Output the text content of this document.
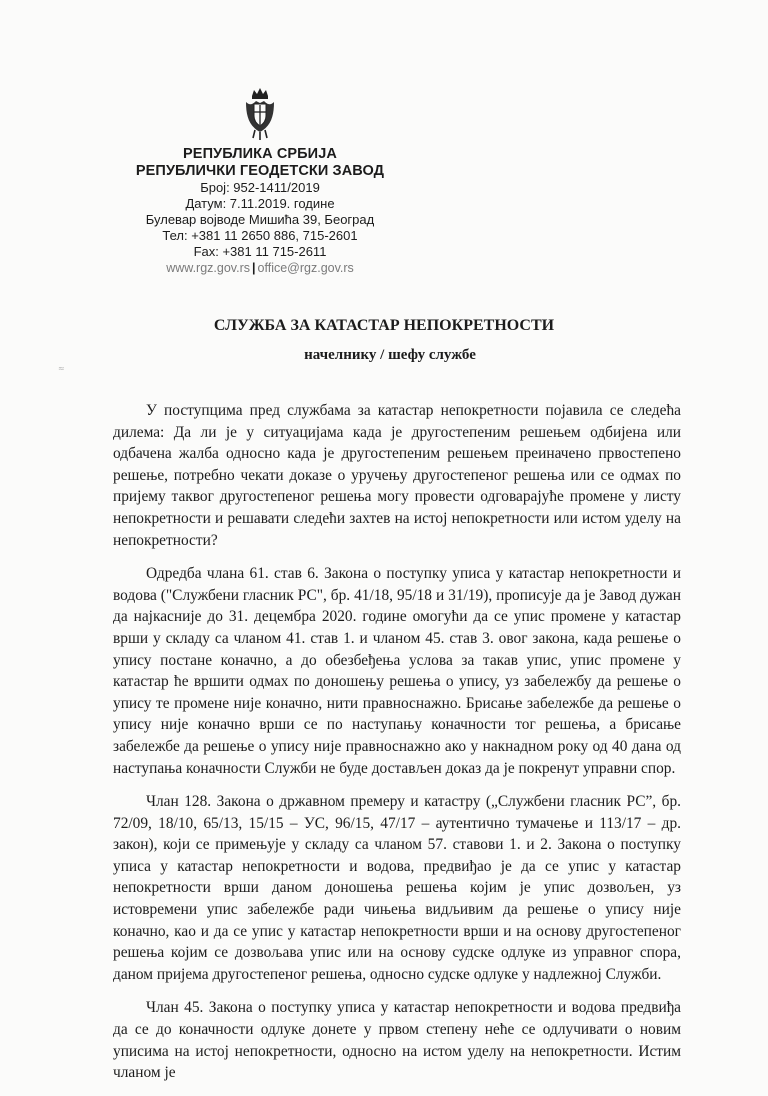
РЕПУБЛИКА СРБИЈА
РЕПУБЛИЧКИ ГЕОДЕТСКИ ЗАВОД
Број: 952-1411/2019
Датум: 7.11.2019. године
Булевар војводе Мишића 39, Београд
Тел: +381 11 2650 886, 715-2601
Fax: +381 11 715-2611
www.rgz.gov.rs | office@rgz.gov.rs
СЛУЖБА ЗА КАТАСТАР НЕПОКРЕТНОСТИ
начелнику / шефу службе
≈

У поступцима пред службама за катастар непокретности појавила се следећа дилема: Да ли је у ситуацијама када је другостепеним решењем одбијена или одбачена жалба односно када је другостепеним решењем преиначено првостепено решење, потребно чекати доказе о уручењу другостепеног решења или се одмах по пријему таквог другостепеног решења могу провести одговарајуће промене у листу непокретности и решавати следећи захтев на истој непокретности или истом уделу на непокретности?

Одредба члана 61. став 6. Закона о поступку уписа у катастар непокретности и водова ("Службени гласник РС", бр. 41/18, 95/18 и 31/19), прописује да је Завод дужан да најкасније до 31. децембра 2020. године омогући да се упис промене у катастар врши у складу са чланом 41. став 1. и чланом 45. став 3. овог закона, када решење о упису постане коначно, а до обезбеђења услова за такав упис, упис промене у катастар ће вршити одмах по доношењу решења о упису, уз забележбу да решење о упису те промене није коначно, нити правноснажно. Брисање забележбе да решење о упису није коначно врши се по наступању коначности тог решења, а брисање забележбе да решење о упису није правноснажно ако у накнадном року од 40 дана од наступања коначности Служби не буде достављен доказ да је покренут управни спор.

Члан 128. Закона о државном премеру и катастру („Службени гласник РС”, бр. 72/09, 18/10, 65/13, 15/15 – УС, 96/15, 47/17 – аутентично тумачење и 113/17 – др. закон), који се примењује у складу са чланом 57. ставови 1. и 2. Закона о поступку уписа у катастар непокретности и водова, предвиђао је да се упис у катастар непокретности врши даном доношења решења којим је упис дозвољен, уз истовремени упис забележбе ради чињења видљивим да решење о упису није коначно, као и да се упис у катастар непокретности врши и на основу другостепеног решења којим се дозвољава упис или на основу судске одлуке из управног спора, даном пријема другостепеног решења, односно судске одлуке у надлежној Служби.

Члан 45. Закона о поступку уписа у катастар непокретности и водова предвиђа да се до коначности одлуке донете у првом степену неће се одлучивати о новим уписима на истој непокретности, односно на истом уделу на непокретности. Истим чланом је
